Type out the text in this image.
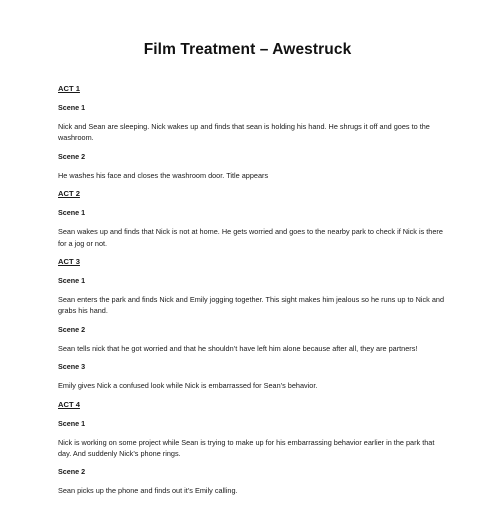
Film Treatment – Awestruck
ACT 1
Scene 1
Nick and Sean are sleeping. Nick wakes up and finds that sean is holding his hand. He shrugs it off and goes to the washroom.
Scene 2
He washes his face and closes the washroom door. Title appears
ACT 2
Scene 1
Sean wakes up and finds that Nick is not at home. He gets worried and goes to the nearby park to check if Nick is there for a jog or not.
ACT 3
Scene 1
Sean enters the park and finds Nick and Emily jogging together. This sight makes him jealous so he runs up to Nick and grabs his hand.
Scene 2
Sean tells nick that he got worried and that he shouldn’t have left him alone because after all, they are partners!
Scene 3
Emily gives Nick a confused look while Nick is embarrassed for Sean’s behavior.
ACT 4
Scene 1
Nick is working on some project while Sean is trying to make up for his embarrassing behavior earlier in the park that day. And suddenly Nick’s phone rings.
Scene 2
Sean picks up the phone and finds out it’s Emily calling.
